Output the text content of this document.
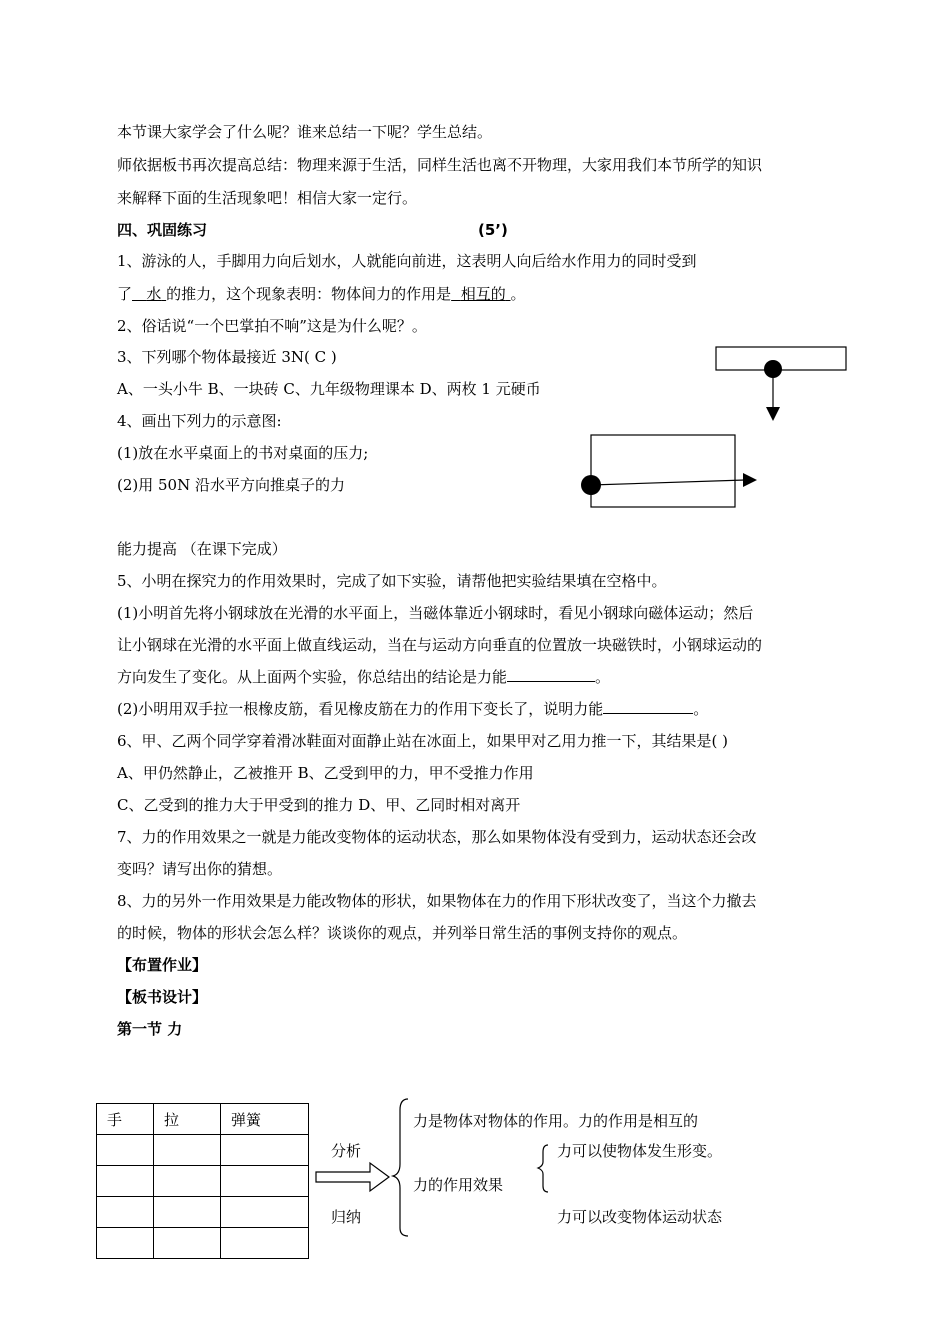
本节课大家学会了什么呢？谁来总结一下呢？学生总结。
师依据板书再次提高总结：物理来源于生活，同样生活也离不开物理，大家用我们本节所学的知识
来解释下面的生活现象吧！相信大家一定行。
四、巩固练习	(5’)
1、游泳的人，手脚用力向后划水，人就能向前进，这表明人向后给水作用力的同时受到
了 水 的推力，这个现象表明：物体间力的作用是 相互的 。
2、俗话说“一个巴掌拍不响”这是为什么呢？。
3、下列哪个物体最接近 3N( C )
A、一头小牛 B、一块砖 C、九年级物理课本 D、两枚 1 元硬币
4、画出下列力的示意图:
(1)放在水平桌面上的书对桌面的压力;
(2)用 50N 沿水平方向推桌子的力
能力提高 （在课下完成）
5、小明在探究力的作用效果时，完成了如下实验，请帮他把实验结果填在空格中。
(1)小明首先将小钢球放在光滑的水平面上，当磁体靠近小钢球时，看见小钢球向磁体运动；然后
让小钢球在光滑的水平面上做直线运动，当在与运动方向垂直的位置放一块磁铁时，小钢球运动的
方向发生了变化。从上面两个实验，你总结出的结论是力能	。
(2)小明用双手拉一根橡皮筋，看见橡皮筋在力的作用下变长了，说明力能	。
6、甲、乙两个同学穿着滑冰鞋面对面静止站在冰面上，如果甲对乙用力推一下，其结果是( )
A、甲仍然静止，乙被推开 B、乙受到甲的力，甲不受推力作用
C、乙受到的推力大于甲受到的推力 D、甲、乙同时相对离开
7、力的作用效果之一就是力能改变物体的运动状态，那么如果物体没有受到力，运动状态还会改
变吗？请写出你的猜想。
8、力的另外一作用效果是力能改物体的形状，如果物体在力的作用下形状改变了，当这个力撤去
的时候，物体的形状会怎么样？谈谈你的观点，并列举日常生活的事例支持你的观点。
【布置作业】
【板书设计】
第一节 力
手	拉	弹簧

分析
归纳
力是物体对物体的作用。力的作用是相互的
力的作用效果
力可以使物体发生形变。
力可以改变物体运动状态
